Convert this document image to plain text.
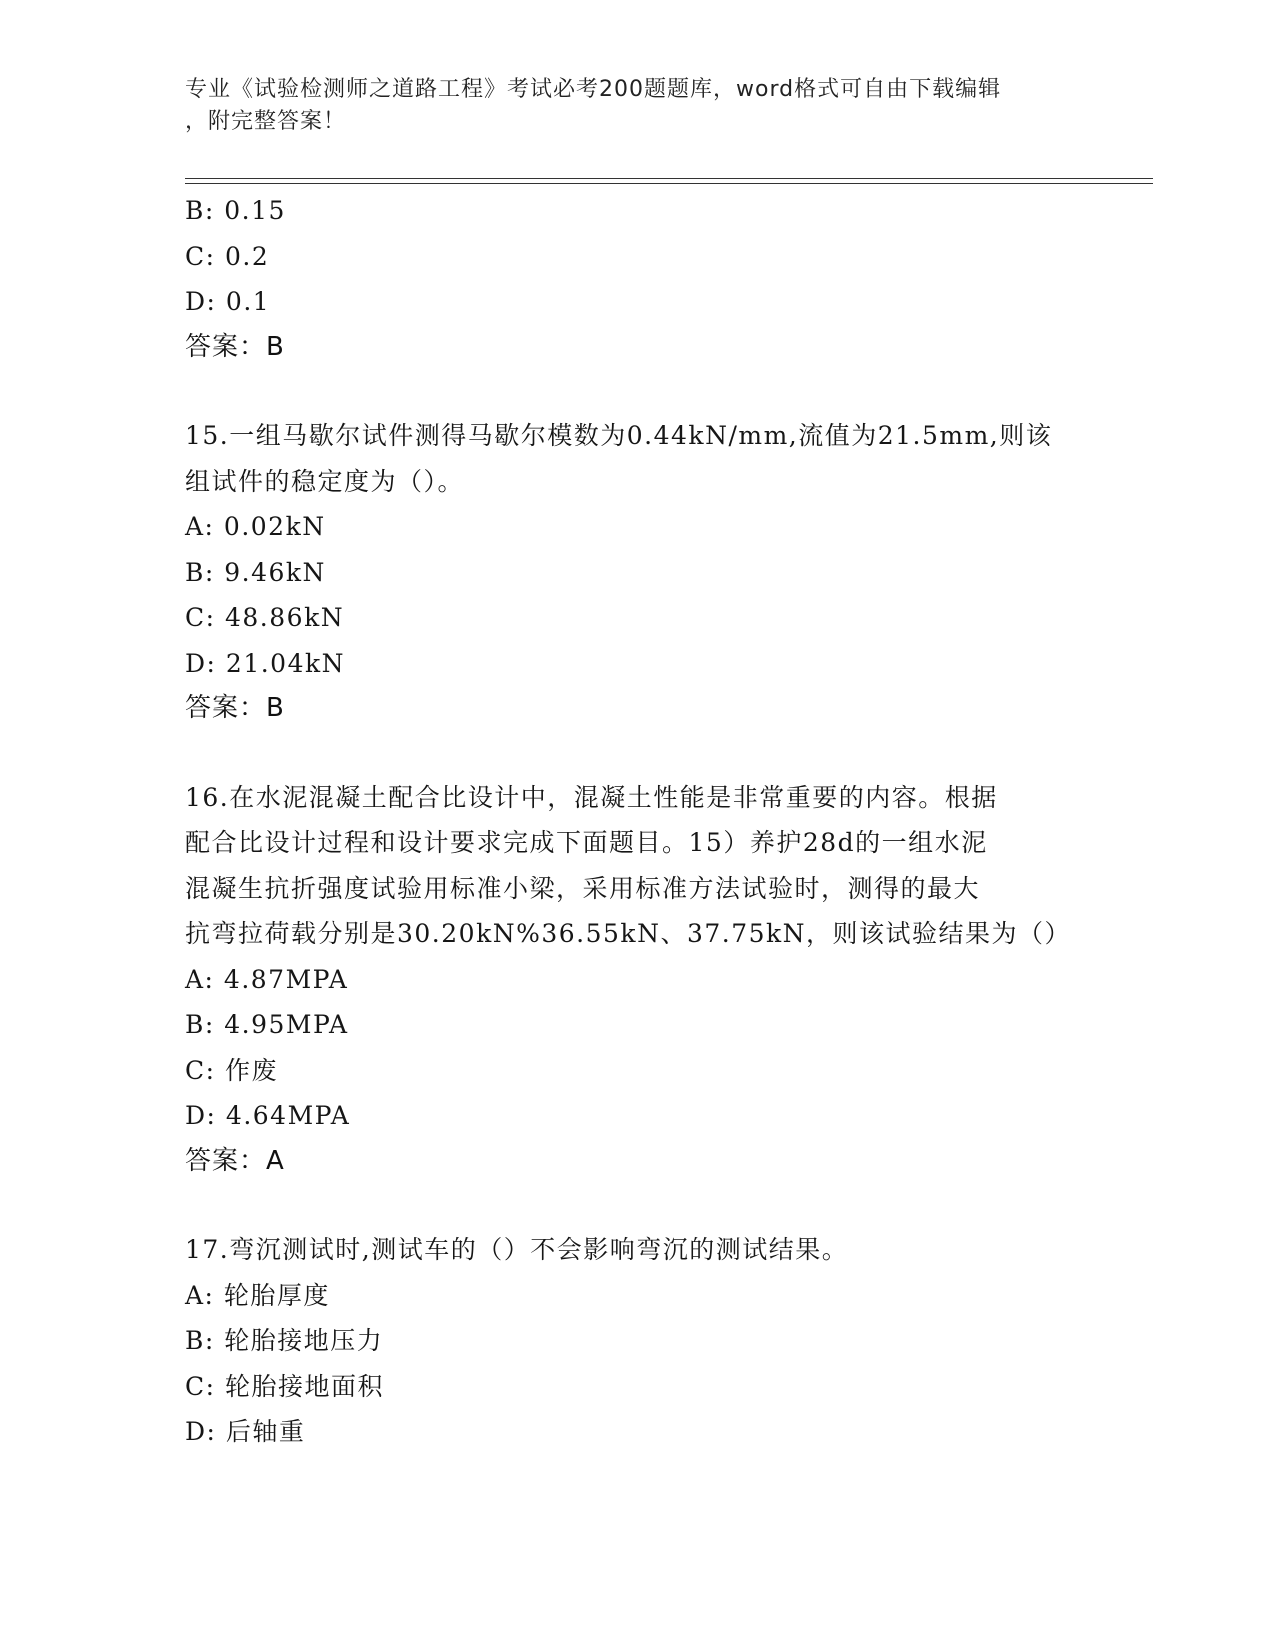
专业《试验检测师之道路工程》考试必考200题题库，word格式可自由下载编辑
，附完整答案！
B: 0.15
C: 0.2
D: 0.1
答案：B
15.一组马歇尔试件测得马歇尔模数为0.44kN/mm,流值为21.5mm,则该
组试件的稳定度为（）。
A: 0.02kN
B: 9.46kN
C: 48.86kN
D: 21.04kN
答案：B
16.在水泥混凝土配合比设计中，混凝土性能是非常重要的内容。根据
配合比设计过程和设计要求完成下面题目。15）养护28d的一组水泥
混凝生抗折强度试验用标准小梁，采用标准方法试验时，测得的最大
抗弯拉荷载分别是30.20kN%36.55kN、37.75kN，则该试验结果为（）
A: 4.87MPA
B: 4.95MPA
C: 作废
D: 4.64MPA
答案：A
17.弯沉测试时,测试车的（）不会影响弯沉的测试结果。
A: 轮胎厚度
B: 轮胎接地压力
C: 轮胎接地面积
D: 后轴重
